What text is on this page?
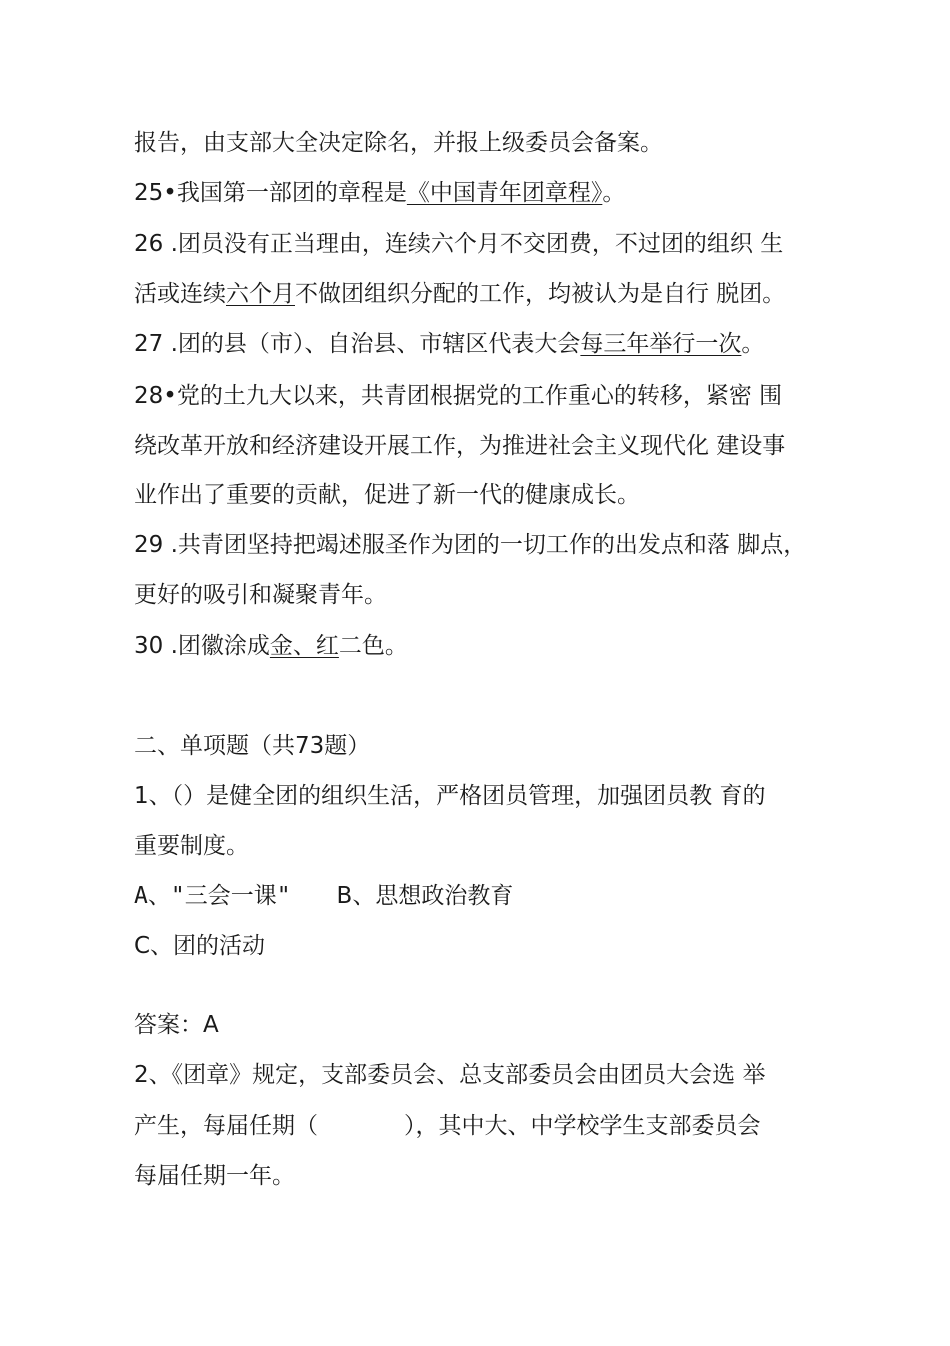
报告，由支部大全决定除名，并报上级委员会备案。
25•我国第一部团的章程是《中国青年团章程》。
26 .团员没有正当理由，连续六个月不交团费，不过团的组织 生
活或连续六个月不做团组织分配的工作，均被认为是自行 脱团。
27 .团的县（市）、自治县、市辖区代表大会每三年举行一次。
28•党的土九大以来，共青团根据党的工作重心的转移，紧密 围
绕改革开放和经济建设开展工作，为推进社会主义现代化 建设事
业作出了重要的贡献，促进了新一代的健康成长。
29 .共青团坚持把竭述服圣作为团的一切工作的出发点和落 脚点，
更好的吸引和凝聚青年。
30 .团徽涂成金、红二色。
二、单项题（共73题）
1、（）是健全团的组织生活，严格团员管理，加强团员教 育的
重要制度。
A、"三会一课" B、思想政治教育
C、团的活动
答案：A
2、《团章》规定，支部委员会、总支部委员会由团员大会选 举
产生，每届任期（	），其中大、中学校学生支部委员会
每届任期一年。
